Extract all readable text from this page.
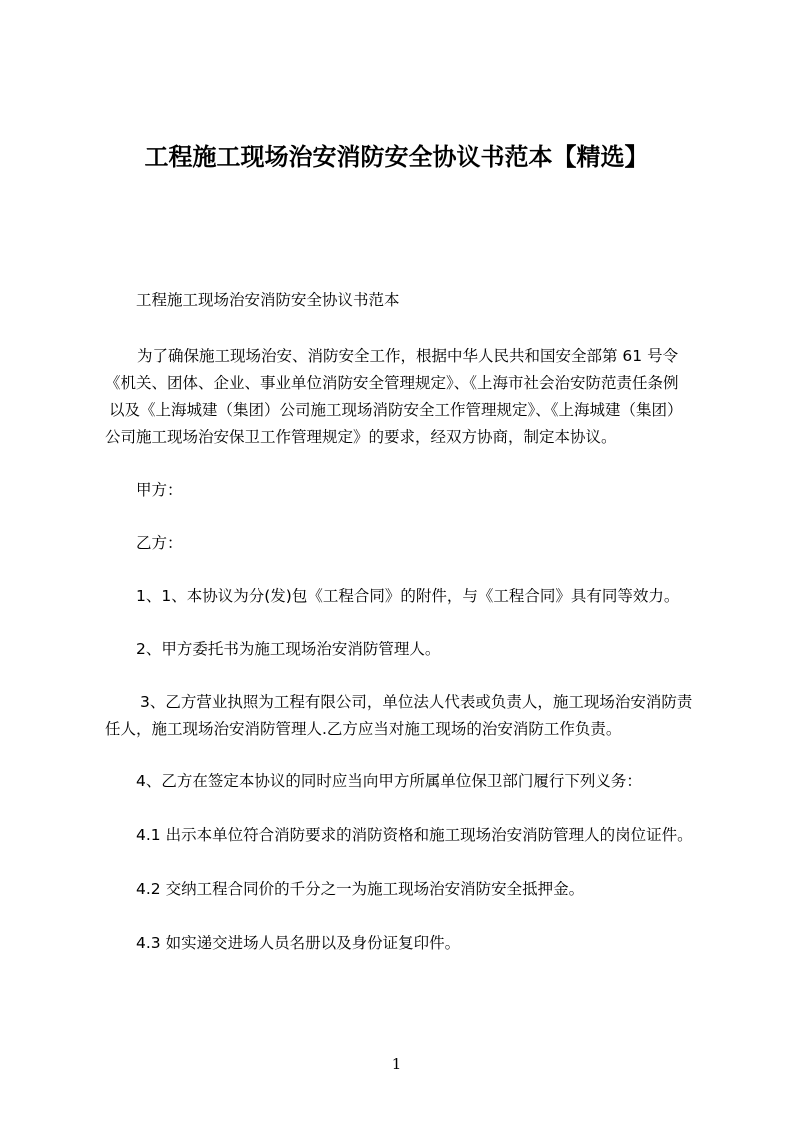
工程施工现场治安消防安全协议书范本【精选】
工程施工现场治安消防安全协议书范本
为了确保施工现场治安、消防安全工作，根据中华人民共和国安全部第 61 号令
《机关、团体、企业、事业单位消防安全管理规定》、《上海市社会治安防范责任条例
以及《上海城建（集团）公司施工现场消防安全工作管理规定》、《上海城建（集团）
公司施工现场治安保卫工作管理规定》的要求，经双方协商，制定本协议。
甲方：
乙方：
1、1、本协议为分(发)包《工程合同》的附件，与《工程合同》具有同等效力。
2、甲方委托书为施工现场治安消防管理人。
3、乙方营业执照为工程有限公司，单位法人代表或负责人，施工现场治安消防责
任人，施工现场治安消防管理人.乙方应当对施工现场的治安消防工作负责。
4、乙方在签定本协议的同时应当向甲方所属单位保卫部门履行下列义务：
4.1 出示本单位符合消防要求的消防资格和施工现场治安消防管理人的岗位证件。
4.2 交纳工程合同价的千分之一为施工现场治安消防安全抵押金。
4.3 如实递交进场人员名册以及身份证复印件。
1
